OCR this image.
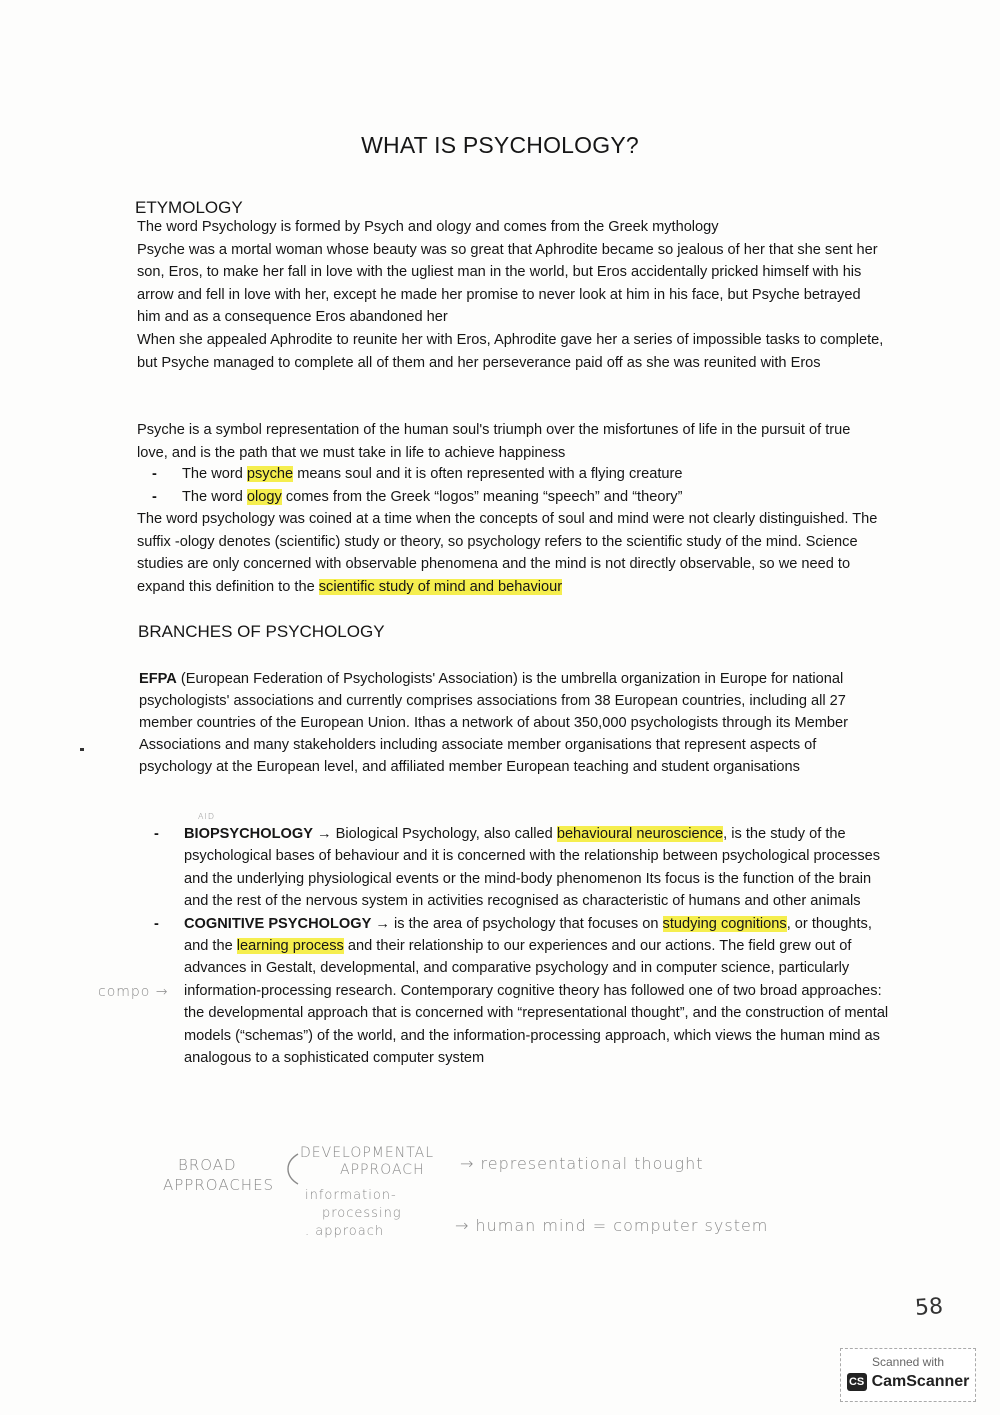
WHAT IS PSYCHOLOGY?
ETYMOLOGY
The word Psychology is formed by Psych and ology and comes from the Greek mythology
Psyche was a mortal woman whose beauty was so great that Aphrodite became so jealous of her that she sent her son, Eros, to make her fall in love with the ugliest man in the world, but Eros accidentally pricked himself with his arrow and fell in love with her, except he made her promise to never look at him in his face, but Psyche betrayed him and as a consequence Eros abandoned her
When she appealed Aphrodite to reunite her with Eros, Aphrodite gave her a series of impossible tasks to complete, but Psyche managed to complete all of them and her perseverance paid off as she was reunited with Eros
Psyche is a symbol representation of the human soul's triumph over the misfortunes of life in the pursuit of true love, and is the path that we must take in life to achieve happiness
- The word psyche means soul and it is often represented with a flying creature
- The word ology comes from the Greek “logos” meaning “speech” and “theory”
The word psychology was coined at a time when the concepts of soul and mind were not clearly distinguished. The suffix -ology denotes (scientific) study or theory, so psychology refers to the scientific study of the mind. Science studies are only concerned with observable phenomena and the mind is not directly observable, so we need to expand this definition to the scientific study of mind and behaviour
BRANCHES OF PSYCHOLOGY
EFPA (European Federation of Psychologists' Association) is the umbrella organization in Europe for national psychologists' associations and currently comprises associations from 38 European countries, including all 27 member countries of the European Union. Ithas a network of about 350,000 psychologists through its Member Associations and many stakeholders including associate member organisations that represent aspects of psychology at the European level, and affiliated member European teaching and student organisations
AID
- BIOPSYCHOLOGY → Biological Psychology, also called behavioural neuroscience, is the study of the psychological bases of behaviour and it is concerned with the relationship between psychological processes and the underlying physiological events or the mind-body phenomenon Its focus is the function of the brain and the rest of the nervous system in activities recognised as characteristic of humans and other animals
- COGNITIVE PSYCHOLOGY → is the area of psychology that focuses on studying cognitions, or thoughts, and the learning process and their relationship to our experiences and our actions. The field grew out of advances in Gestalt, developmental, and comparative psychology and in computer science, particularly information-processing research. Contemporary cognitive theory has followed one of two broad approaches: the developmental approach that is concerned with “representational thought”, and the construction of mental models (“schemas”) of the world, and the information-processing approach, which views the human mind as analogous to a sophisticated computer system
compo →
BROAD
APPROACHES
DEVELOPMENTAL
APPROACH → representational thought
information-
processing
. approach	→ human mind = computer system
58
Scanned with
CS CamScanner
